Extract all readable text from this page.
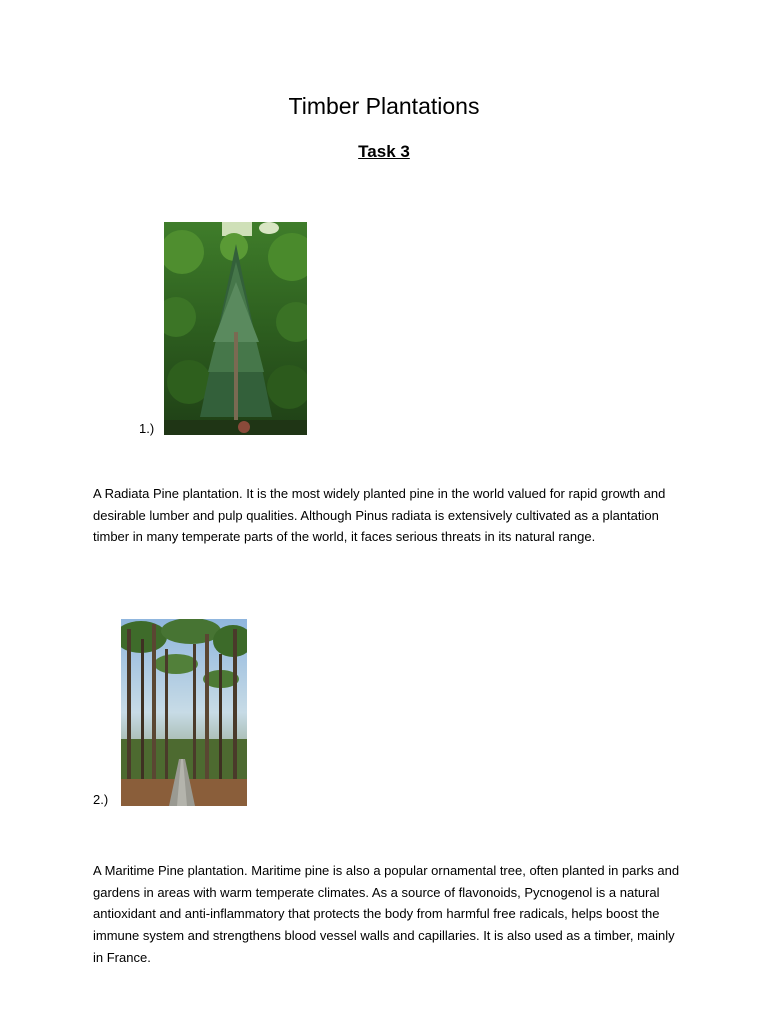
Timber Plantations
Task 3
1.)

A Radiata Pine plantation. It is the most widely planted pine in the world valued for rapid growth and desirable lumber and pulp qualities. Although Pinus radiata is extensively cultivated as a plantation timber in many temperate parts of the world, it faces serious threats in its natural range.

2.)

A Maritime Pine plantation. Maritime pine is also a popular ornamental tree, often planted in parks and gardens in areas with warm temperate climates. As a source of flavonoids, Pycnogenol is a natural antioxidant and anti-inflammatory that protects the body from harmful free radicals, helps boost the immune system and strengthens blood vessel walls and capillaries. It is also used as a timber, mainly in France.
